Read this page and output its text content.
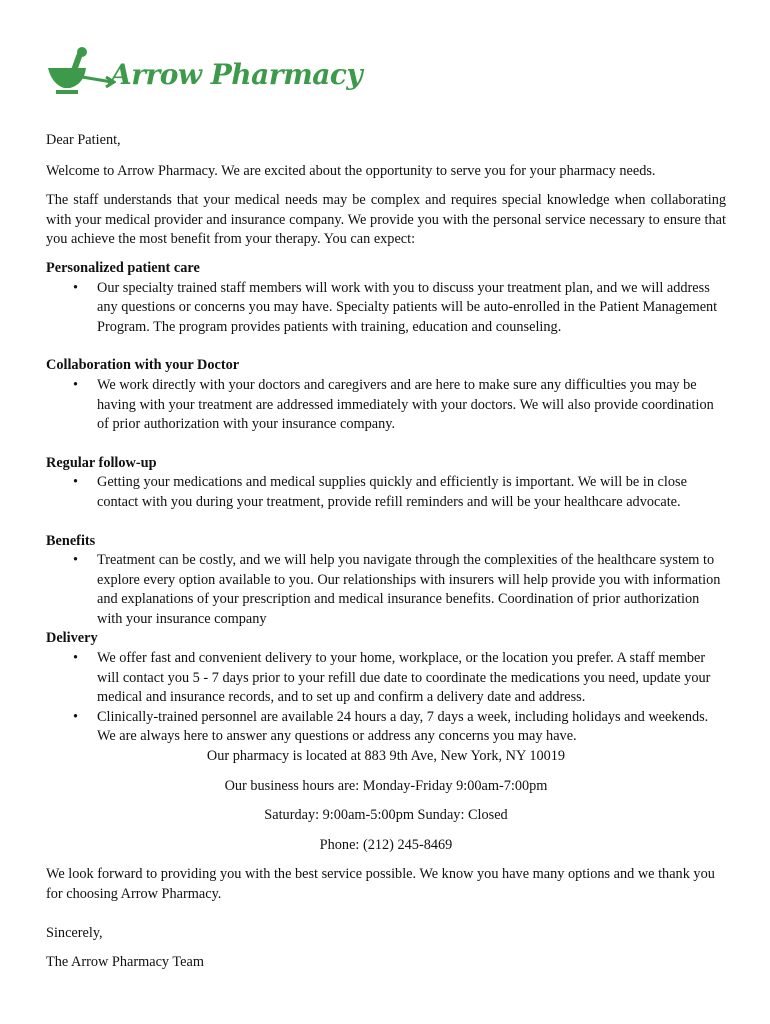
Arrow Pharmacy

Dear Patient,

Welcome to Arrow Pharmacy. We are excited about the opportunity to serve you for your pharmacy needs.

The staff understands that your medical needs may be complex and requires special knowledge when collaborating with your medical provider and insurance company. We provide you with the personal service necessary to ensure that you achieve the most benefit from your therapy. You can expect:

Personalized patient care

• Our specialty trained staff members will work with you to discuss your treatment plan, and we will address any questions or concerns you may have. Specialty patients will be auto-enrolled in the Patient Management Program. The program provides patients with training, education and counseling.

Collaboration with your Doctor

• We work directly with your doctors and caregivers and are here to make sure any difficulties you may be having with your treatment are addressed immediately with your doctors. We will also provide coordination of prior authorization with your insurance company.

Regular follow-up

• Getting your medications and medical supplies quickly and efficiently is important. We will be in close contact with you during your treatment, provide refill reminders and will be your healthcare advocate.

Benefits

• Treatment can be costly, and we will help you navigate through the complexities of the healthcare system to explore every option available to you. Our relationships with insurers will help provide you with information and explanations of your prescription and medical insurance benefits. Coordination of prior authorization with your insurance company

Delivery

• We offer fast and convenient delivery to your home, workplace, or the location you prefer. A staff member will contact you 5 - 7 days prior to your refill due date to coordinate the medications you need, update your medical and insurance records, and to set up and confirm a delivery date and address.
• Clinically-trained personnel are available 24 hours a day, 7 days a week, including holidays and weekends. We are always here to answer any questions or address any concerns you may have.

Our pharmacy is located at 883 9th Ave, New York, NY 10019

Our business hours are: Monday-Friday 9:00am-7:00pm

Saturday: 9:00am-5:00pm Sunday: Closed

Phone: (212) 245-8469

We look forward to providing you with the best service possible. We know you have many options and we thank you for choosing Arrow Pharmacy.

Sincerely,

The Arrow Pharmacy Team
